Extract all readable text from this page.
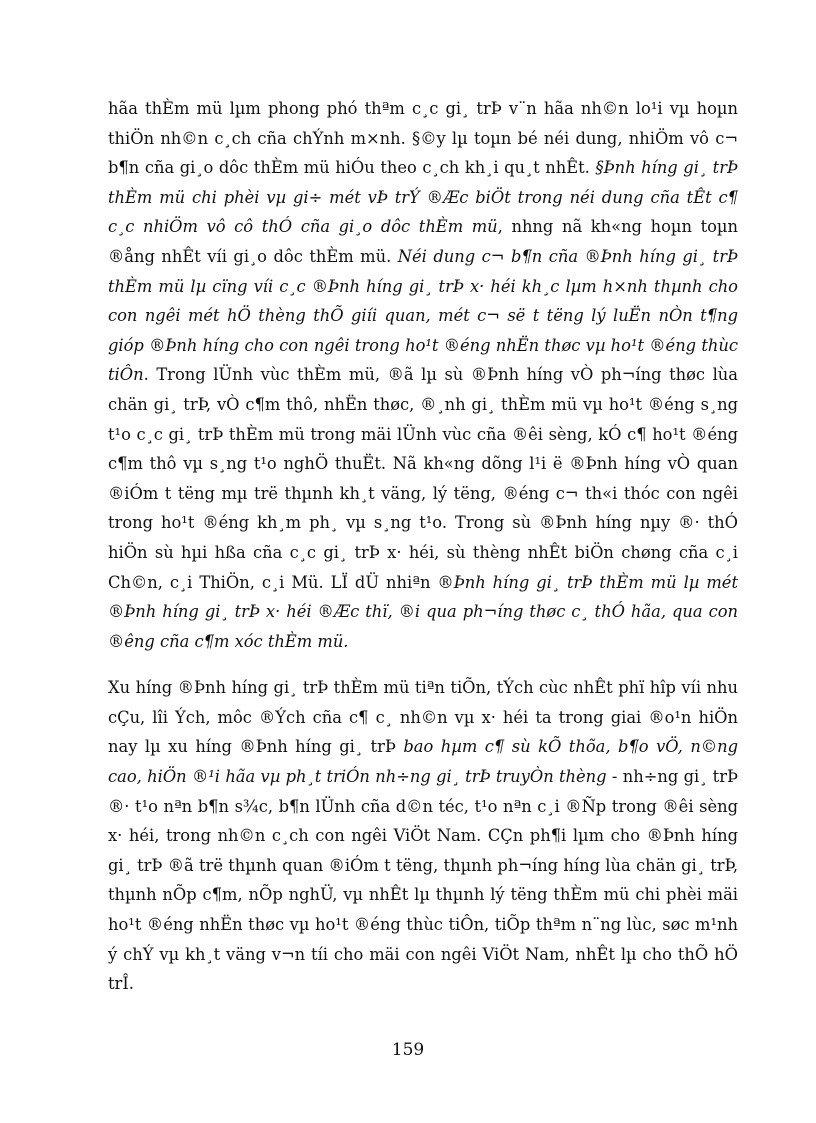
hãa thÈm mü lµm phong phó thªm c¸c gi¸ trÞ v¨n hãa nh©n lo¹i vµ hoµn thiÖn nh©n c¸ch cña chÝnh m×nh. §©y lµ toµn bé néi dung, nhiÖm vô c¬ b¶n cña gi¸o dôc thÈm mü hiÓu theo c¸ch kh¸i qu¸t nhÊt. §Þnh híng gi¸ trÞ thÈm mü chi phèi vµ gi÷ mét vÞ trÝ ®Æc biÖt trong néi dung cña tÊt c¶ c¸c nhiÖm vô cô thÓ cña gi¸o dôc thÈm mü, nhng nã kh«ng hoµn toµn ®ång nhÊt víi gi¸o dôc thÈm mü. Néi dung c¬ b¶n cña ®Þnh híng gi¸ trÞ thÈm mü lµ cïng víi c¸c ®Þnh híng gi¸ trÞ x· héi kh¸c lµm h×nh thµnh cho con ngêi mét hÖ thèng thÕ giíi quan, mét c¬ së t tëng lý luËn nÒn t¶ng gióp ®Þnh híng cho con ngêi trong ho¹t ®éng nhËn thøc vµ ho¹t ®éng thùc tiÔn. Trong lÜnh vùc thÈm mü, ®ã lµ sù ®Þnh híng vÒ ph¬íng thøc lùa chän gi¸ trÞ, vÒ c¶m thô, nhËn thøc, ®¸nh gi¸ thÈm mü vµ ho¹t ®éng s¸ng t¹o c¸c gi¸ trÞ thÈm mü trong mäi lÜnh vùc cña ®êi sèng, kÓ c¶ ho¹t ®éng c¶m thô vµ s¸ng t¹o nghÖ thuËt. Nã kh«ng dõng l¹i ë ®Þnh híng vÒ quan ®iÓm t tëng mµ trë thµnh kh¸t väng, lý tëng, ®éng c¬ th«i thóc con ngêi trong ho¹t ®éng kh¸m ph¸ vµ s¸ng t¹o. Trong sù ®Þnh híng nµy ®· thÓ hiÖn sù hµi hßa cña c¸c gi¸ trÞ x· héi, sù thèng nhÊt biÖn chøng cña c¸i Ch©n, c¸i ThiÖn, c¸i Mü. LÏ dÜ nhiªn ®Þnh híng gi¸ trÞ thÈm mü lµ mét ®Þnh híng gi¸ trÞ x· héi ®Æc thï, ®i qua ph¬íng thøc c¸ thÓ hãa, qua con ®êng cña c¶m xóc thÈm mü.

Xu híng ®Þnh híng gi¸ trÞ thÈm mü tiªn tiÕn, tÝch cùc nhÊt phï hîp víi nhu cÇu, lîi Ých, môc ®Ých cña c¶ c¸ nh©n vµ x· héi ta trong giai ®o¹n hiÖn nay lµ xu híng ®Þnh híng gi¸ trÞ bao hµm c¶ sù kÕ thõa, b¶o vÖ, n©ng cao, hiÖn ®¹i hãa vµ ph¸t triÓn nh÷ng gi¸ trÞ truyÒn thèng - nh÷ng gi¸ trÞ ®· t¹o nªn b¶n s¾c, b¶n lÜnh cña d©n téc, t¹o nªn c¸i ®Ñp trong ®êi sèng x· héi, trong nh©n c¸ch con ngêi ViÖt Nam. CÇn ph¶i lµm cho ®Þnh híng gi¸ trÞ ®ã trë thµnh quan ®iÓm t tëng, thµnh ph¬íng híng lùa chän gi¸ trÞ, thµnh nÕp c¶m, nÕp nghÜ, vµ nhÊt lµ thµnh lý tëng thÈm mü chi phèi mäi ho¹t ®éng nhËn thøc vµ ho¹t ®éng thùc tiÔn, tiÕp thªm n¨ng lùc, søc m¹nh ý chÝ vµ kh¸t väng v¬n tíi cho mäi con ngêi ViÖt Nam, nhÊt lµ cho thÕ hÖ trÎ.

159
